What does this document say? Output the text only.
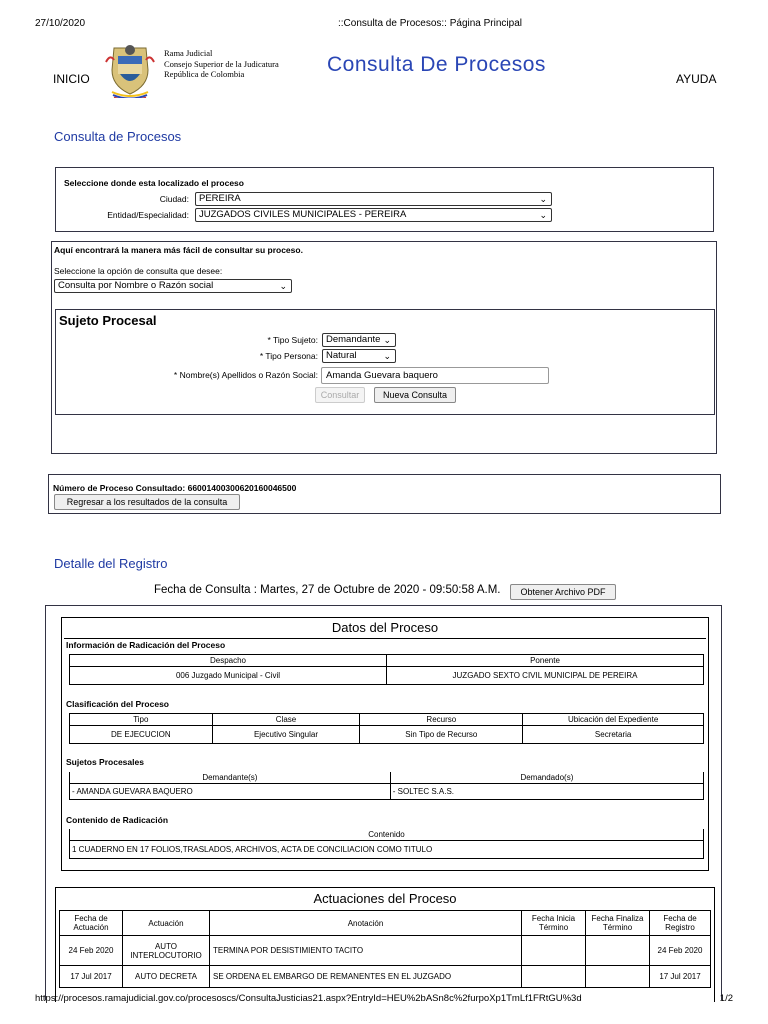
27/10/2020	::Consulta de Procesos:: Página Principal
INICIO
Rama Judicial
Consejo Superior de la Judicatura
República de Colombia	Consulta De Procesos
AYUDA
Consulta de Procesos
Seleccione donde esta localizado el proceso
Ciudad:	PEREIRA	⌄
Entidad/Especialidad:	JUZGADOS CIVILES MUNICIPALES - PEREIRA	⌄
Aquí encontrará la manera más fácil de consultar su proceso.
Seleccione la opción de consulta que desee:
Consulta por Nombre o Razón social	⌄
Sujeto Procesal
* Tipo Sujeto: Demandante ⌄
* Tipo Persona: Natural	⌄
* Nombre(s) Apellidos o Razón Social: Amanda Guevara baquero
Consultar	Nueva Consulta
Número de Proceso Consultado: 66001400300620160046500
Regresar a los resultados de la consulta
Detalle del Registro
Fecha de Consulta : Martes, 27 de Octubre de 2020 - 09:50:58 A.M.	Obtener Archivo PDF
Datos del Proceso
Información de Radicación del Proceso
Despacho	Ponente
006 Juzgado Municipal - Civil	JUZGADO SEXTO CIVIL MUNICIPAL DE PEREIRA
Clasificación del Proceso
Tipo	Clase	Recurso	Ubicación del Expediente
DE EJECUCION	Ejecutivo Singular	Sin Tipo de Recurso	Secretaria
Sujetos Procesales
Demandante(s)	Demandado(s)
- AMANDA GUEVARA BAQUERO	- SOLTEC S.A.S.
Contenido de Radicación
Contenido
1 CUADERNO EN 17 FOLIOS,TRASLADOS, ARCHIVOS, ACTA DE CONCILIACION COMO TITULO
Actuaciones del Proceso
Fecha de Actuación	Actuación	Anotación	Fecha Inicia Término	Fecha Finaliza Término	Fecha de Registro
24 Feb 2020	AUTO INTERLOCUTORIO	TERMINA POR DESISTIMIENTO TACITO			24 Feb 2020
17 Jul 2017	AUTO DECRETA	SE ORDENA EL EMBARGO DE REMANENTES EN EL JUZGADO			17 Jul 2017
https://procesos.ramajudicial.gov.co/procesoscs/ConsultaJusticias21.aspx?EntryId=HEU%2bASn8c%2furpoXp1TmLf1FRtGU%3d	1/2
